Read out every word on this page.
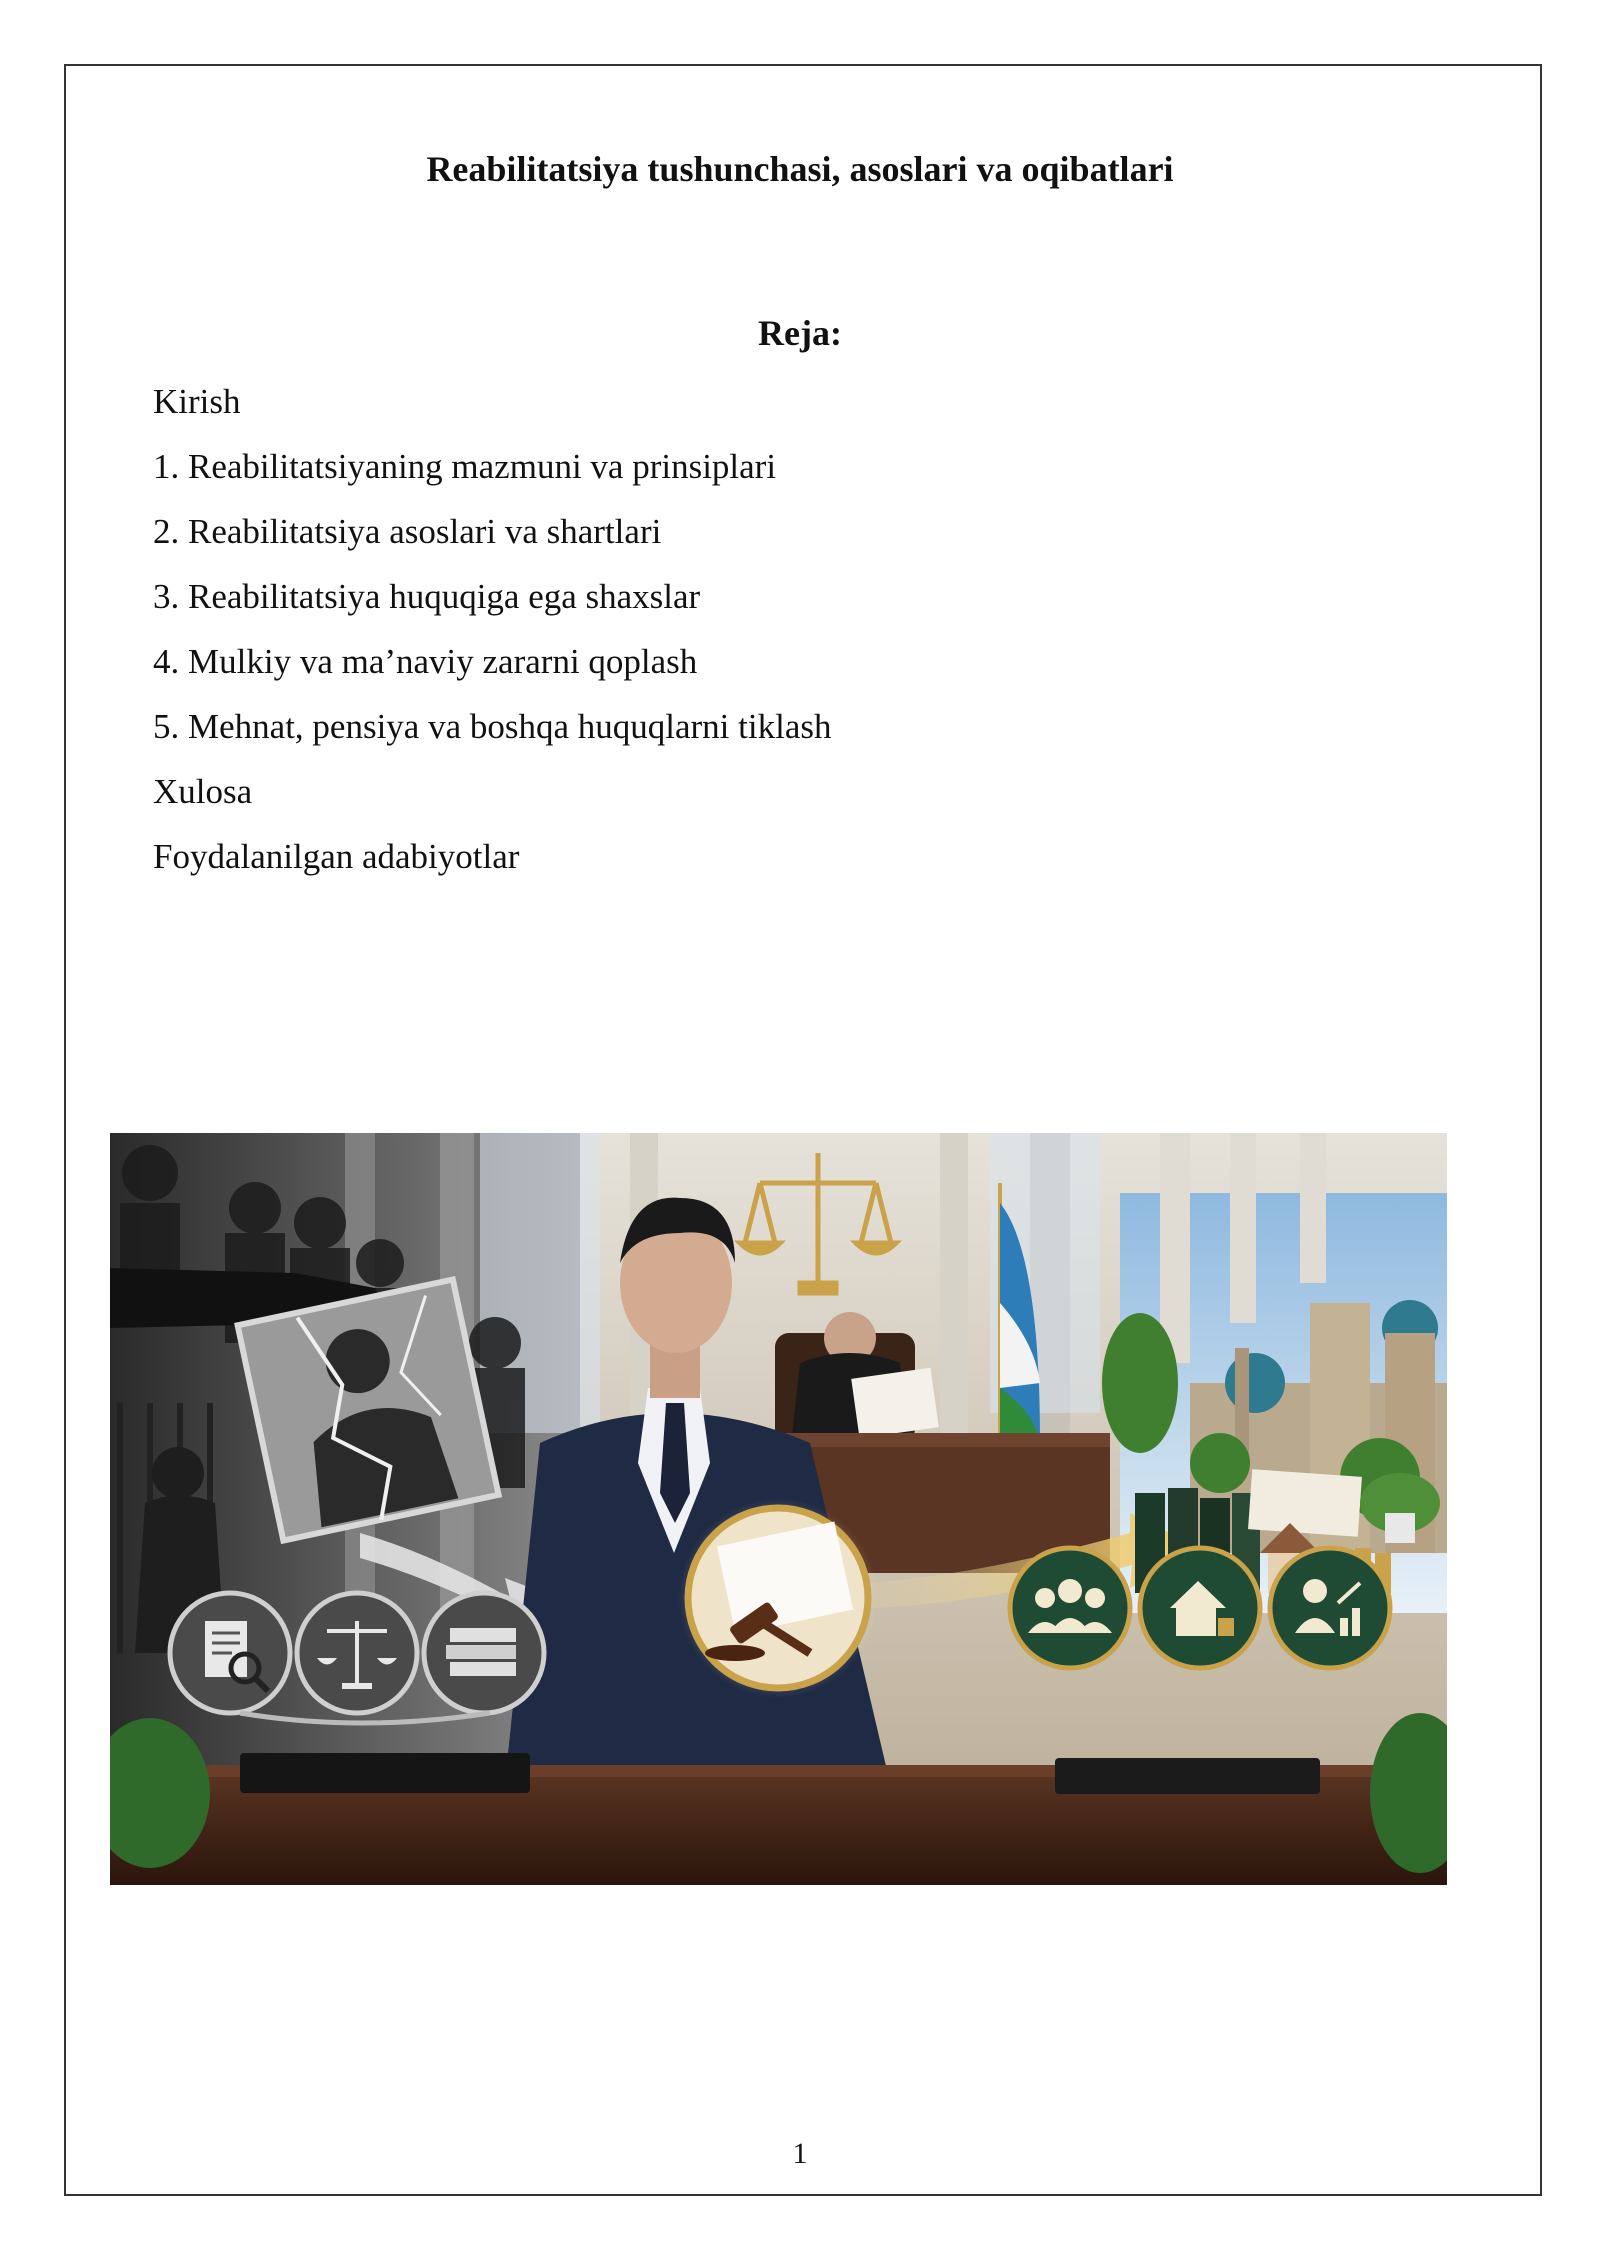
Reabilitatsiya tushunchasi, asoslari va oqibatlari
Reja:
Kirish
1. Reabilitatsiyaning mazmuni va prinsiplari
2. Reabilitatsiya asoslari va shartlari
3. Reabilitatsiya huquqiga ega shaxslar
4. Mulkiy va ma’naviy zararni qoplash
5. Mehnat, pensiya va boshqa huquqlarni tiklash
Xulosa
Foydalanilgan adabiyotlar
1
